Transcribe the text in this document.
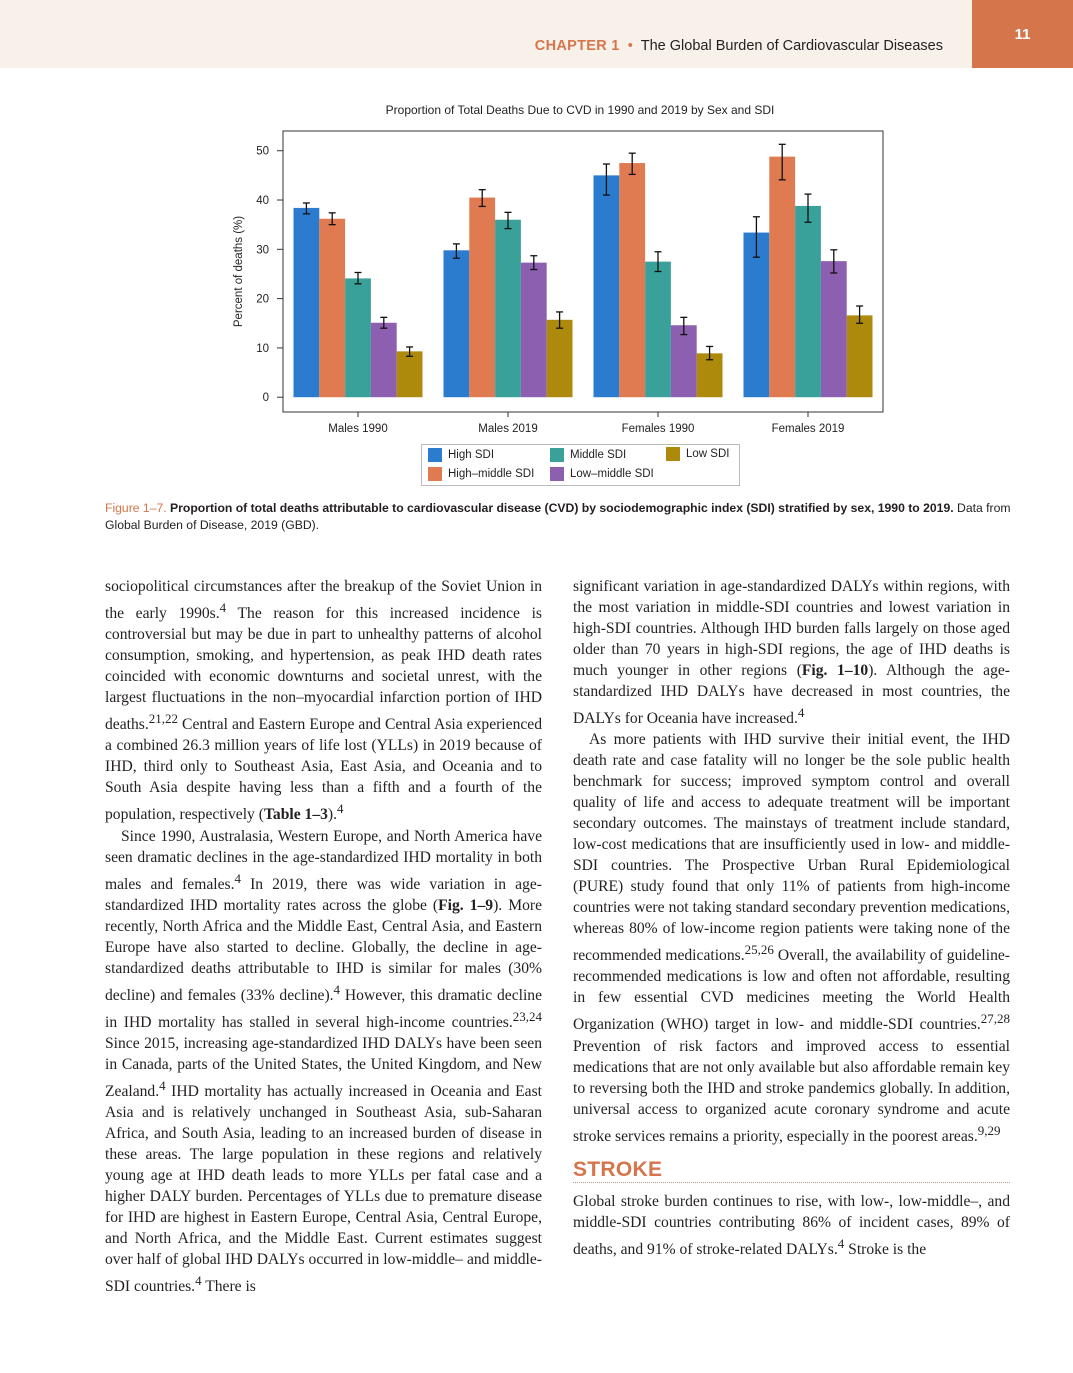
CHAPTER 1 • The Global Burden of Cardiovascular Diseases
11
Proportion of Total Deaths Due to CVD in 1990 and 2019 by Sex and SDI
0
10
20
30
40
50
Percent of deaths (%)
Males 1990	Males 2019	Females 1990	Females 2019
High SDI
High–middle SDI
Middle SDI
Low–middle SDI
Low SDI
Figure 1–7. Proportion of total deaths attributable to cardiovascular disease (CVD) by sociodemographic index (SDI) stratified by sex, 1990 to 2019. Data from Global Burden of Disease, 2019 (GBD).

sociopolitical circumstances after the breakup of the Soviet Union in the early 1990s.$^4$ The reason for this increased incidence is controversial but may be due in part to unhealthy patterns of alcohol consumption, smoking, and hypertension, as peak IHD death rates coincided with economic downturns and societal unrest, with the largest fluctuations in the non–myocardial infarction portion of IHD deaths.$^{21,22}$ Central and Eastern Europe and Central Asia experienced a combined 26.3 million years of life lost (YLLs) in 2019 because of IHD, third only to Southeast Asia, East Asia, and Oceania and to South Asia despite having less than a fifth and a fourth of the population, respectively (Table 1–3).$^4$

Since 1990, Australasia, Western Europe, and North America have seen dramatic declines in the age-standardized IHD mortality in both males and females.$^4$ In 2019, there was wide variation in age-standardized IHD mortality rates across the globe (Fig. 1–9). More recently, North Africa and the Middle East, Central Asia, and Eastern Europe have also started to decline. Globally, the decline in age-standardized deaths attributable to IHD is similar for males (30% decline) and females (33% decline).$^4$ However, this dramatic decline in IHD mortality has stalled in several high-income countries.$^{23,24}$ Since 2015, increasing age-standardized IHD DALYs have been seen in Canada, parts of the United States, the United Kingdom, and New Zealand.$^4$ IHD mortality has actually increased in Oceania and East Asia and is relatively unchanged in Southeast Asia, sub-Saharan Africa, and South Asia, leading to an increased burden of disease in these areas. The large population in these regions and relatively young age at IHD death leads to more YLLs per fatal case and a higher DALY burden. Percentages of YLLs due to premature disease for IHD are highest in Eastern Europe, Central Asia, Central Europe, and North Africa, and the Middle East. Current estimates suggest over half of global IHD DALYs occurred in low-middle– and middle-SDI countries.$^4$ There is

significant variation in age-standardized DALYs within regions, with the most variation in middle-SDI countries and lowest variation in high-SDI countries. Although IHD burden falls largely on those aged older than 70 years in high-SDI regions, the age of IHD deaths is much younger in other regions (Fig. 1–10). Although the age-standardized IHD DALYs have decreased in most countries, the DALYs for Oceania have increased.$^4$

As more patients with IHD survive their initial event, the IHD death rate and case fatality will no longer be the sole public health benchmark for success; improved symptom control and overall quality of life and access to adequate treatment will be important secondary outcomes. The mainstays of treatment include standard, low-cost medications that are insufficiently used in low- and middle-SDI countries. The Prospective Urban Rural Epidemiological (PURE) study found that only 11% of patients from high-income countries were not taking standard secondary prevention medications, whereas 80% of low-income region patients were taking none of the recommended medications.$^{25,26}$ Overall, the availability of guideline-recommended medications is low and often not affordable, resulting in few essential CVD medicines meeting the World Health Organization (WHO) target in low- and middle-SDI countries.$^{27,28}$ Prevention of risk factors and improved access to essential medications that are not only available but also affordable remain key to reversing both the IHD and stroke pandemics globally. In addition, universal access to organized acute coronary syndrome and acute stroke services remains a priority, especially in the poorest areas.$^{9,29}$

STROKE

Global stroke burden continues to rise, with low-, low-middle–, and middle-SDI countries contributing 86% of incident cases, 89% of deaths, and 91% of stroke-related DALYs.$^4$ Stroke is the
